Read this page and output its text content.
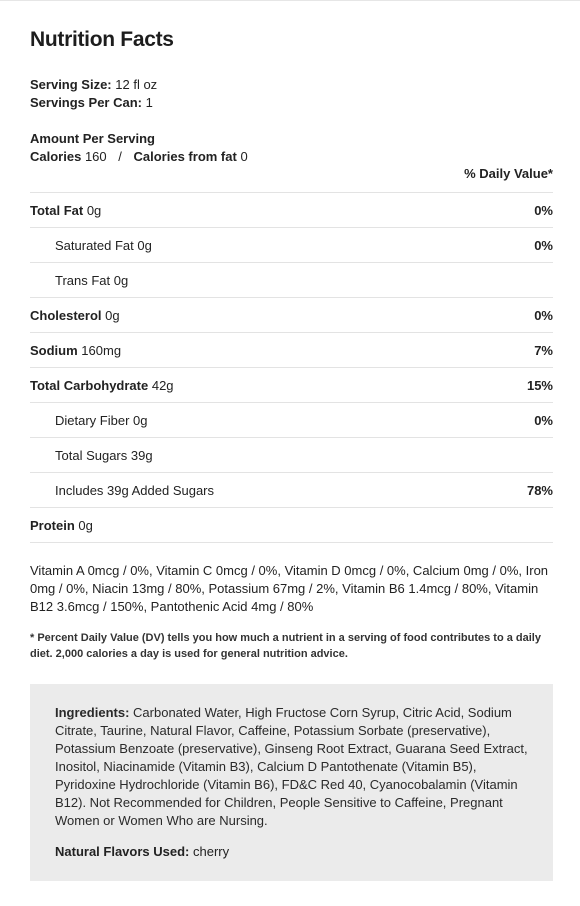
Nutrition Facts
Serving Size: 12 fl oz
Servings Per Can: 1
Amount Per Serving
Calories 160 / Calories from fat 0
% Daily Value*
Total Fat 0g	0%
Saturated Fat 0g	0%
Trans Fat 0g
Cholesterol 0g	0%
Sodium 160mg	7%
Total Carbohydrate 42g	15%
Dietary Fiber 0g	0%
Total Sugars 39g
Includes 39g Added Sugars	78%
Protein 0g
Vitamin A 0mcg / 0%, Vitamin C 0mcg / 0%, Vitamin D 0mcg / 0%, Calcium 0mg / 0%, Iron 0mg / 0%, Niacin 13mg / 80%, Potassium 67mg / 2%, Vitamin B6 1.4mcg / 80%, Vitamin B12 3.6mcg / 150%, Pantothenic Acid 4mg / 80%
* Percent Daily Value (DV) tells you how much a nutrient in a serving of food contributes to a daily diet. 2,000 calories a day is used for general nutrition advice.
Ingredients: Carbonated Water, High Fructose Corn Syrup, Citric Acid, Sodium Citrate, Taurine, Natural Flavor, Caffeine, Potassium Sorbate (preservative), Potassium Benzoate (preservative), Ginseng Root Extract, Guarana Seed Extract, Inositol, Niacinamide (Vitamin B3), Calcium D Pantothenate (Vitamin B5), Pyridoxine Hydrochloride (Vitamin B6), FD&C Red 40, Cyanocobalamin (Vitamin B12). Not Recommended for Children, People Sensitive to Caffeine, Pregnant Women or Women Who are Nursing.
Natural Flavors Used: cherry
